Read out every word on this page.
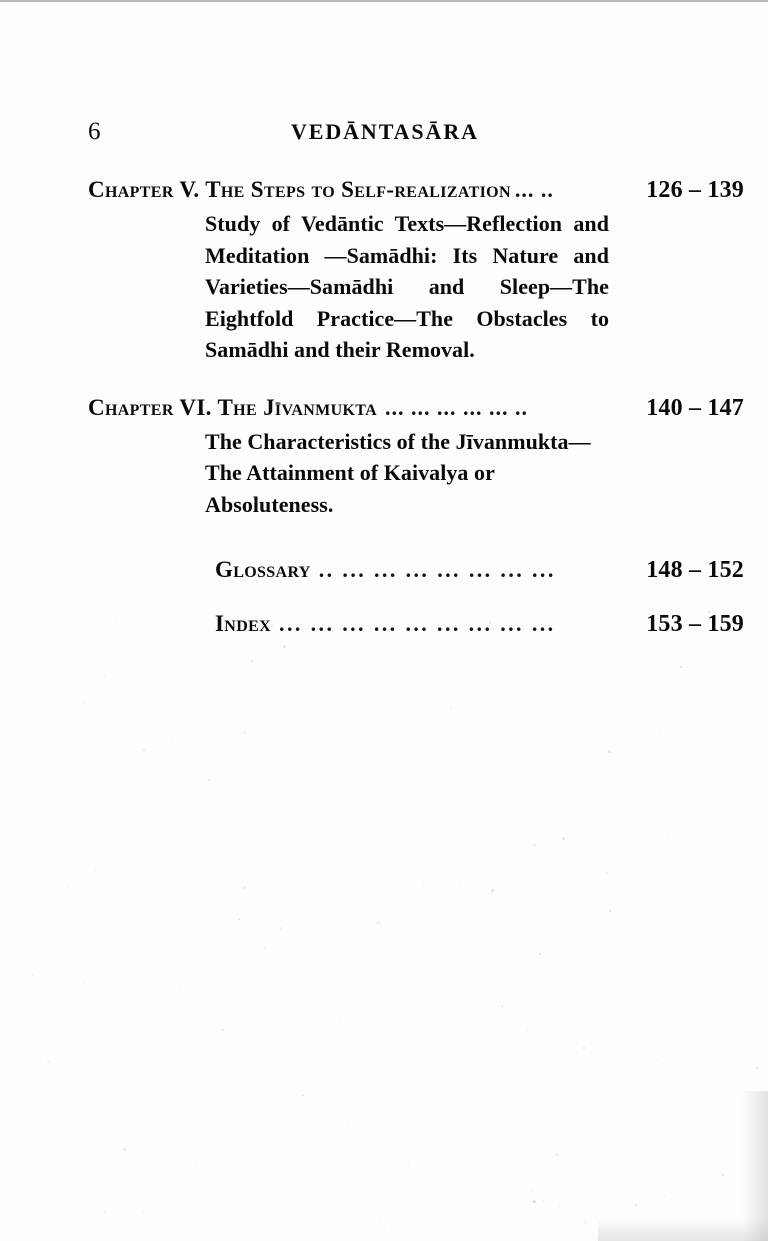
6	VEDĀNTASĀRA
Chapter V. The Steps to Self-realization ... ..	126 – 139
Study of Vedāntic Texts—Reflection and Meditation —Samādhi: Its Nature and Varieties—Samādhi and Sleep—The Eightfold Practice—The Obstacles to Samādhi and their Removal.
Chapter VI. The Jīvanmukta ... ... ... ... ... ..	140 – 147
The Characteristics of the Jīvanmukta—The Attainment of Kaivalya or Absoluteness.
Glossary .. ... ... ... ... ... ... ...	148 – 152
Index ... ... ... ... ... ... ... ... ...	153 – 159
